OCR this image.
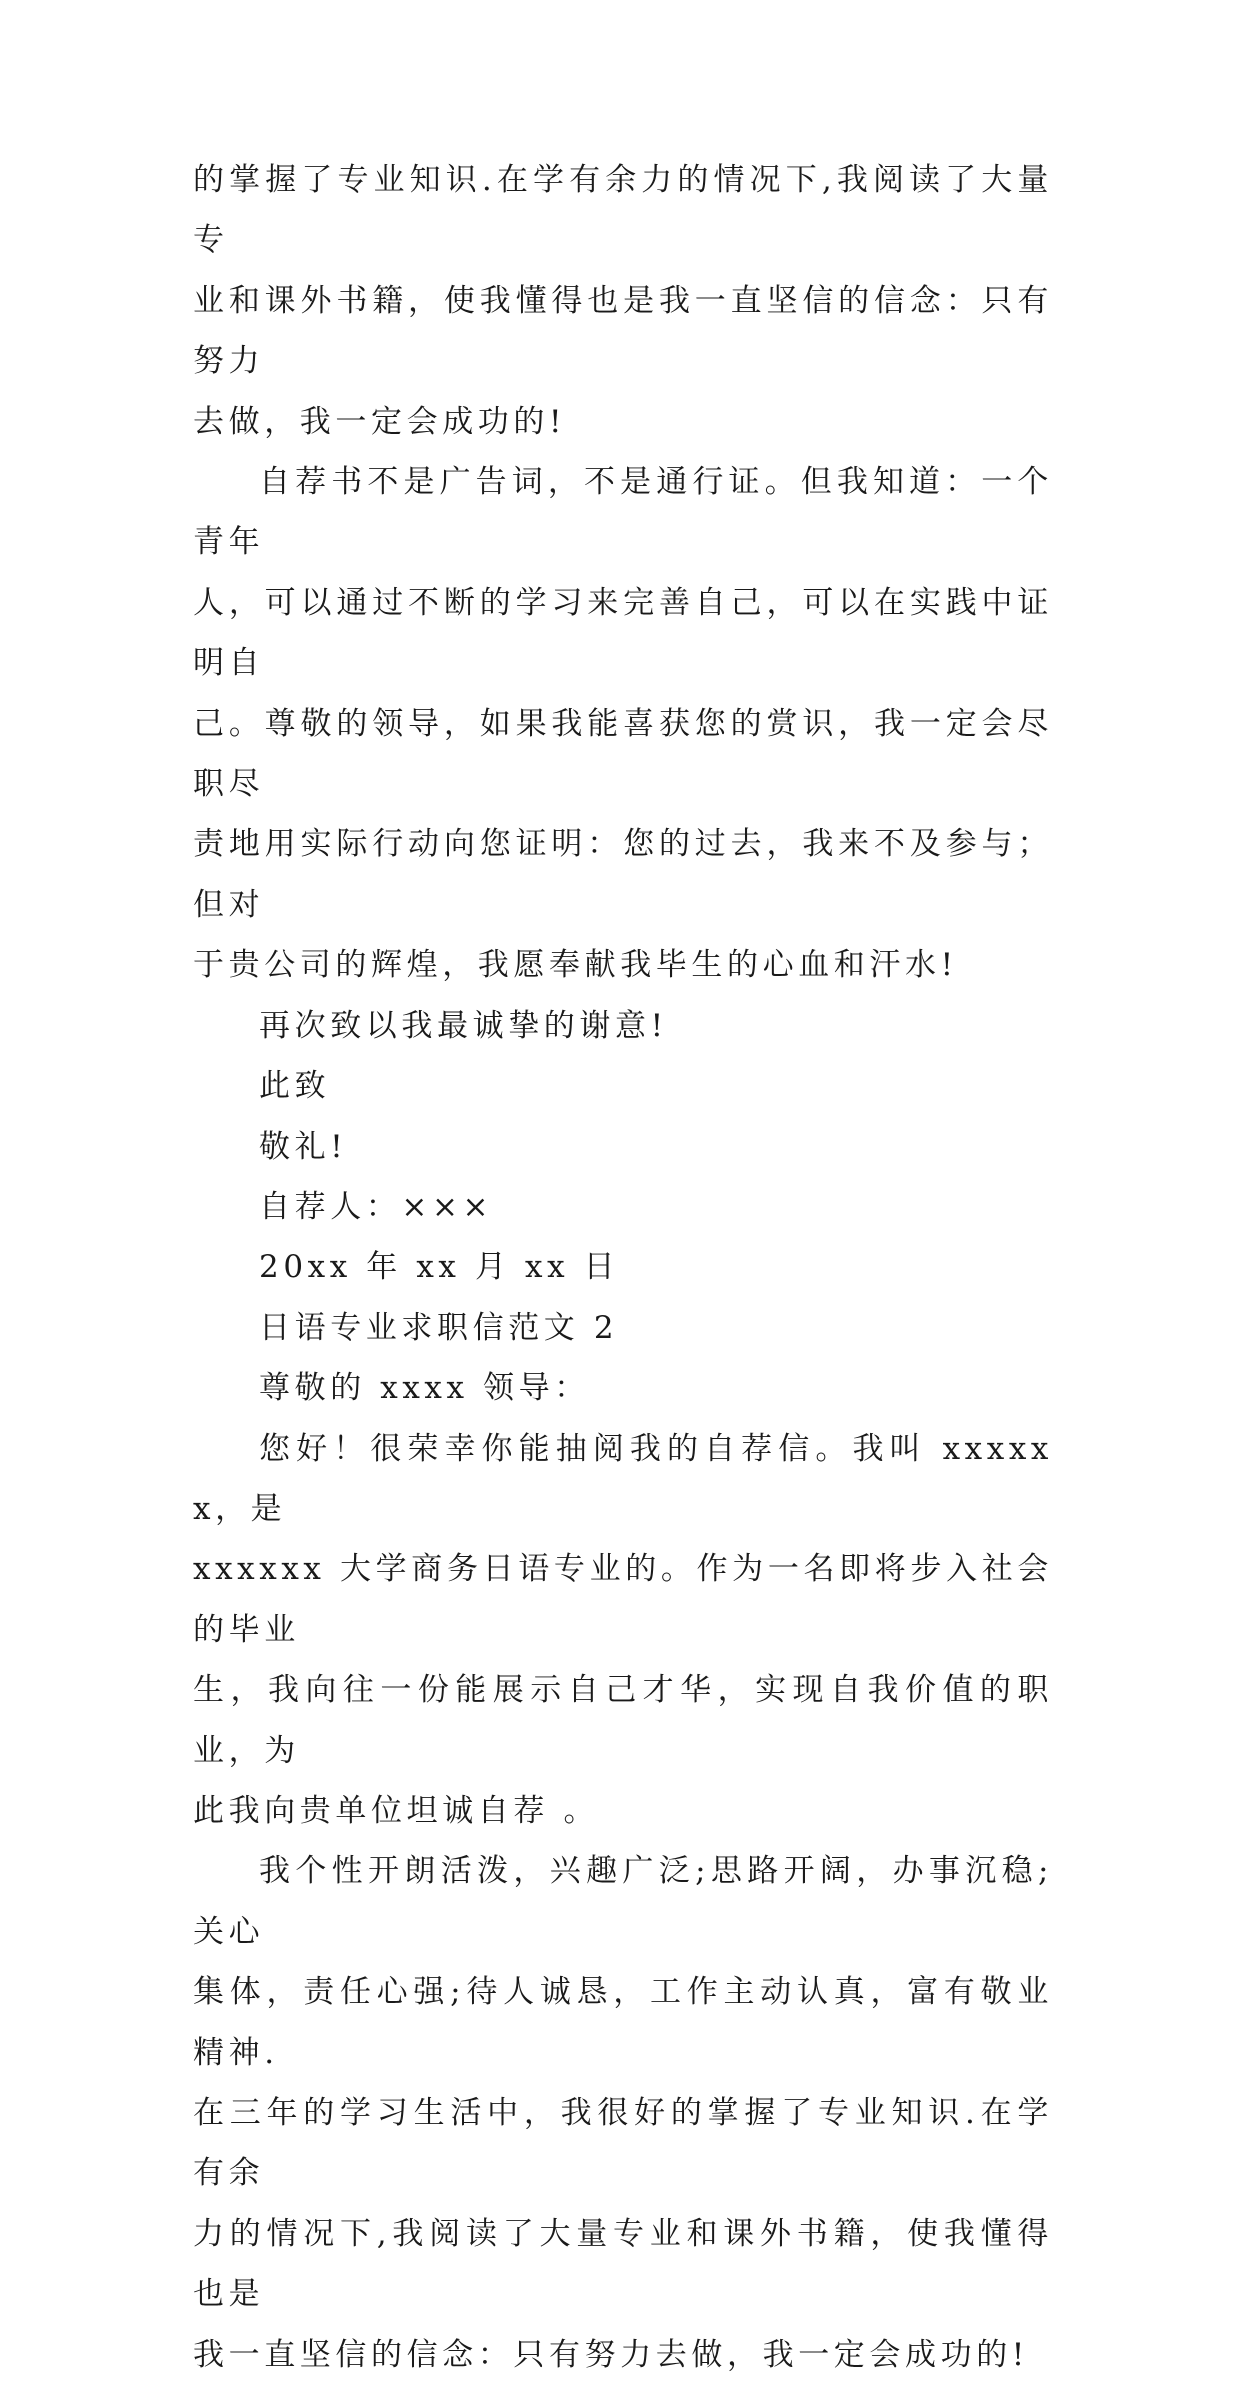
的掌握了专业知识.在学有余力的情况下,我阅读了大量专
业和课外书籍，使我懂得也是我一直坚信的信念：只有努力
去做，我一定会成功的!

自荐书不是广告词，不是通行证。但我知道：一个青年
人，可以通过不断的学习来完善自己，可以在实践中证明自
己。尊敬的领导，如果我能喜获您的赏识，我一定会尽职尽
责地用实际行动向您证明：您的过去，我来不及参与；但对
于贵公司的辉煌，我愿奉献我毕生的心血和汗水!

再次致以我最诚挚的谢意!

此致

敬礼!

自荐人：×××

20xx 年 xx 月 xx 日

日语专业求职信范文 2

尊敬的 xxxx 领导：

您好！很荣幸你能抽阅我的自荐信。我叫 xxxxxx，是
xxxxxx 大学商务日语专业的。作为一名即将步入社会的毕业
生，我向往一份能展示自己才华，实现自我价值的职业，为
此我向贵单位坦诚自荐 。

我个性开朗活泼，兴趣广泛;思路开阔，办事沉稳;关心
集体，责任心强;待人诚恳，工作主动认真，富有敬业精神.
在三年的学习生活中，我很好的掌握了专业知识.在学有余
力的情况下,我阅读了大量专业和课外书籍，使我懂得也是
我一直坚信的信念：只有努力去做，我一定会成功的!
